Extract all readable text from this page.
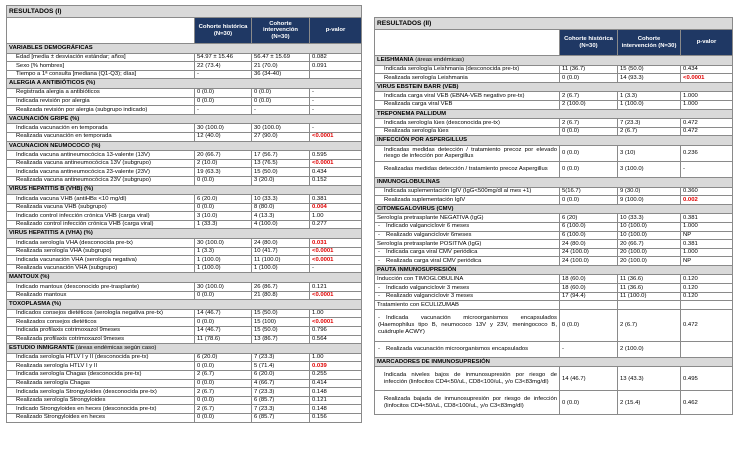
RESULTADOS (I)			
	Cohorte histórica (N=30)	Cohorte intervención (N=30)	p-valor
VARIABLES DEMOGRÁFICAS			
Edad [media ± desviación estándar; años]	54.97 ± 15.46	56.47 ± 15.69	0.082
Sexo [% hombres]	22 (73.4)	21 (70.0)	0.091
Tiempo a 1ª consulta [mediana (Q1-Q3); días]	-	36 (34-40)	
ALERGIA A ANTIBIÓTICOS (%)			
Registrada alergia a antibióticos	0 (0.0)	0 (0.0)	-
Indicada revisión por alergia	0 (0.0)	0 (0.0)	-
Realizada revisión por alergia (subgrupo indicado)	-	-	-
VACUNACIÓN GRIPE (%)			
Indicada vacunación en temporada	30 (100.0)	30 (100.0)	-
Realizada vacunación en temporada	12 (40.0)	27 (90.0)	<0.0001
VACUNACION NEUMOCOCO (%)			
Indicada vacuna antineumocócica 13-valente (13V)	20 (66.7)	17 (56.7)	0.595
Realizada vacuna antineumocócica 13V (subgrupo)	2 (10.0)	13 (76.5)	<0.0001
Indicada vacuna antineumocócica 23-valente (23V)	19 (63.3)	15 (50.0)	0.434
Realizada vacuna antineumocócica 23V (subgrupo)	0 (0.0)	3 (20.0)	0.152
VIRUS HEPATITIS B (VHB) (%)			
Indicada vacuna VHB (antiHBs <10 mg/dl)	6 (20.0)	10 (33.3)	0.381
Realizada vacuna VHB (subgrupo)	0 (0.0)	8 (80.0)	0.004
Indicado control infección crónica VHB (carga viral)	3 (10.0)	4 (13.3)	1.00
Realizado control infección crónica VHB (carga viral)	1 (33.3)	4 (100.0)	0.277
VIRUS HEPATITIS A (VHA) (%)			
Indicada serología VHA (desconocida pre-tx)	30 (100.0)	24 (80.0)	0.031
Realizada serología VHA (subgrupo)	1 (3.3)	10 (41.7)	<0.0001
Indicada vacunación VHA (serología negativa)	1 (100.0)	11 (100.0)	<0.0001
Realizada vacunación VHA (subgrupo)	1 (100.0)	1 (100.0)	-
MANTOUX (%)			
Indicado mantoux (desconocido pre-trasplante)	30 (100.0)	26 (86.7)	0.121
Realizado mantoux	0 (0.0)	21 (80.8)	<0.0001
TOXOPLASMA (%)			
Indicados consejos dietéticos (serología negativa pre-tx)	14 (46.7)	15 (50.0)	1.00
Realizados consejos dietéticos	0 (0.0)	15 (100)	<0.0001
Indicada profilaxis cotrimoxazol 9meses	14 (46.7)	15 (50.0)	0.796
Realizada profilaxis cotrimoxazol 9meses	11 (78.6)	13 (86.7)	0.564
ESTUDIO INMIGRANTE (áreas endémicas según caso)			
Indicada serología HTLV I y II (desconocida pre-tx)	6 (20.0)	7 (23.3)	1.00
Realizada serología HTLV I y II	0 (0.0)	5 (71.4)	0.039
Indicada serología Chagas (desconocida pre-tx)	2 (6.7)	6 (20.0)	0.255
Realizada serología Chagas	0 (0.0)	4 (66.7)	0.414
Indicada serología Strongyloides (desconocida pre-tx)	2 (6.7)	7 (23.3)	0.148
Realizada serología Strongyloides	0 (0.0)	6 (85.7)	0.121
Indicado Strongyloides en heces (desconocida pre-tx)	2 (6.7)	7 (23.3)	0.148
Realizado Strongyloides en heces	0 (0.0)	6 (85.7)	0.156
RESULTADOS (II)			
	Cohorte histórica (N=30)	Cohorte intervención (N=30)	p-valor
LEISHMANIA (áreas endémicas)			
Indicada serología Leishmania (desconocida pre-tx)	11 (36.7)	15 (50.0)	0.434
Realizada serología Leishmania	0 (0.0)	14 (93.3)	<0.0001
VIRUS EBSTEIN BARR (VEB)			
Indicada carga viral VEB (EBNA-VEB negativo pre-tx)	2 (6.7)	1 (3.3)	1.000
Realizada carga viral VEB	2 (100.0)	1 (100.0)	1.000
TREPONEMA PALLIDUM			
Indicada serología lúes (desconocida pre-tx)	2 (6.7)	7 (23.3)	0.472
Realizada serología lúes	0 (0.0)	2 (6.7)	0.472
INFECCIÓN POR ASPERGILLUS			
Indicadas medidas detección / tratamiento precoz por elevado riesgo de infección por Aspergillus	0 (0.0)	3 (10)	0.236
Realizadas medidas detección / tratamiento precoz Aspergillus	0 (0.0)	3 (100.0)	-
INMUNOGLOBULINAS			
Indicada suplementación IgIV (IgG<500mg/dl al mes +1)	5(16.7)	9 (30.0)	0.360
Realizada suplementación IgIV	0 (0.0)	9 (100.0)	0.002
CITOMEGALOVIRUS (CMV)			
Serología pretrasplante NEGATIVA (IgG)	6 (20)	10 (33.3)	0.381
- Indicado valganciclovir 6 meses	6 (100.0)	10 (100.0)	1.000
- Realizado valganciclovir 6meses	6 (100.0)	10 (100.0)	NP
Serología pretrasplante POSITIVA (IgG)	24 (80.0)	20 (66.7)	0.381
- Indicada carga viral CMV periódica	24 (100.0)	20 (100.0)	1.000
- Realizada carga viral CMV periódica	24 (100.0)	20 (100.0)	NP
PAUTA INMUNOSUPRESIÓN			
Inducción con TIMOGLOBULINA	18 (60.0)	11 (36.6)	0.120
- Indicado valganciclovir 3 meses	18 (60.0)	11 (36.6)	0.120
- Realizado valganciclovir 3 meses	17 (94.4)	11 (100.0)	0.120
Tratamiento con ECULIZUMAB			
- Indicada vacunación microorganismos encapsulados (Haemophilus tipo B, neumococo 13V y 23V, meningococo B, cuádruple ACWY)	0 (0.0)	2 (6.7)	0.472
- Realizada vacunación microorganismos encapsulados	-	2 (100.0)	
MARCADORES DE INMUNOSUPRESIÓN			
Indicada niveles bajos de inmunosupresión por riesgo de infección (linfocitos CD4<50/uL, CD8<100/uL, y/o C3<83mg/dl)	14 (46.7)	13 (43.3)	0.495
Realizada bajada de inmunosupresión por riesgo de infección (linfocitos CD4<50/uL, CD8<100/uL, y/o C3<83mg/dl)	0 (0.0)	2 (15.4)	0.462
